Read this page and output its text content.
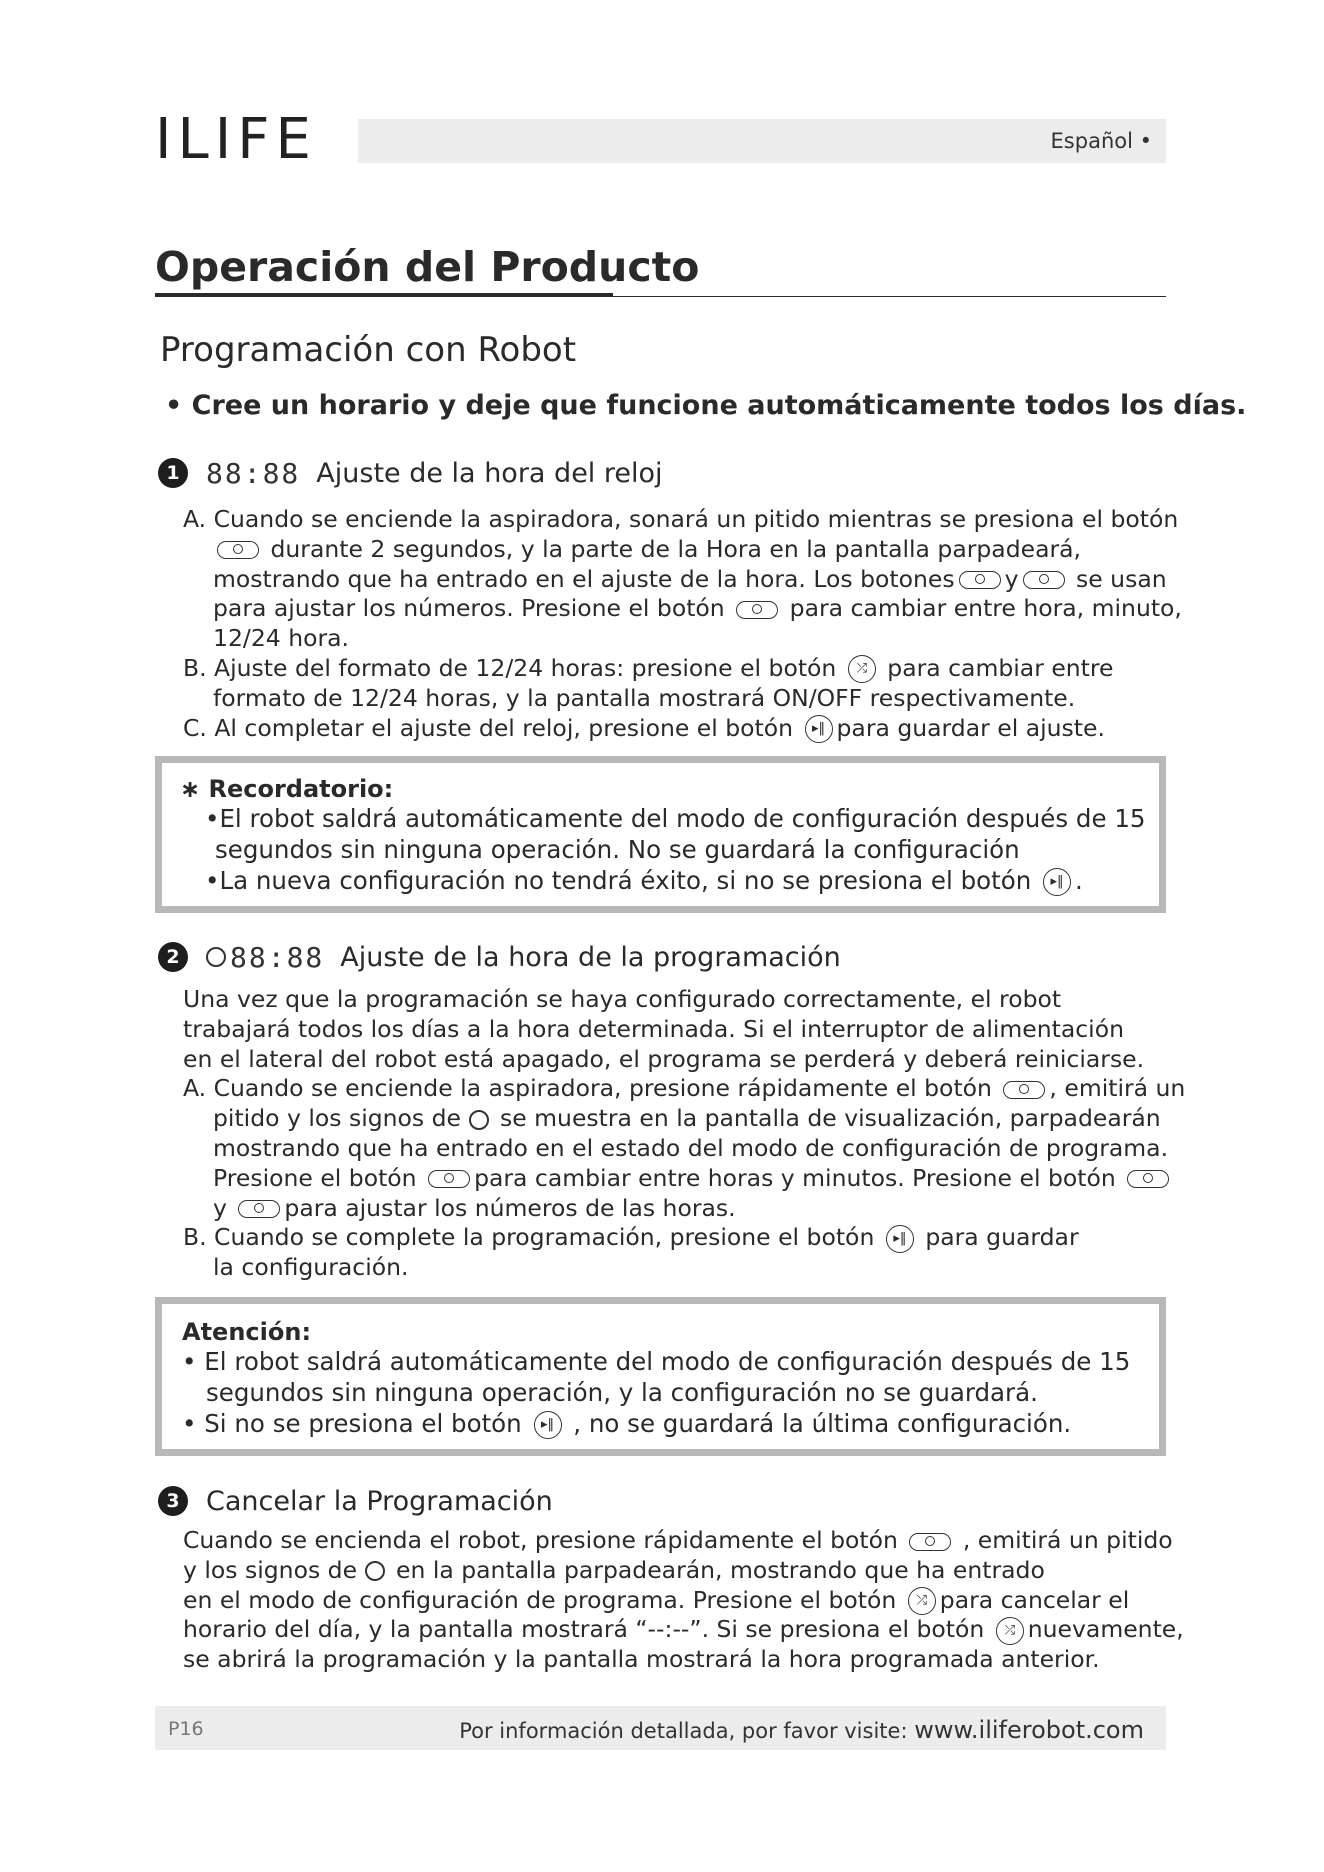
ILIFE	Español •
Operación del Producto
Programación con Robot
• Cree un horario y deje que funcione automáticamente todos los días.
1 88:88 Ajuste de la hora del reloj

A. Cuando se enciende la aspiradora, sonará un pitido mientras se presiona el botón

durante 2 segundos, y la parte de la Hora en la pantalla parpadeará,

mostrando que ha entrado en el ajuste de la hora. Los botones y se usan

para ajustar los números. Presione el botón	para cambiar entre hora, minuto,

12/24 hora.

B. Ajuste del formato de 12/24 horas: presione el botón ⤮ para cambiar entre

formato de 12/24 horas, y la pantalla mostrará ON/OFF respectivamente.

C. Al completar el ajuste del reloj, presione el botón ▸‖ para guardar el ajuste.

∗ Recordatorio:

•El robot saldrá automáticamente del modo de configuración después de 15

segundos sin ninguna operación. No se guardará la configuración

•La nueva configuración no tendrá éxito, si no se presiona el botón ▸‖ .

2 88:88 Ajuste de la hora de la programación

Una vez que la programación se haya configurado correctamente, el robot

trabajará todos los días a la hora determinada. Si el interruptor de alimentación

en el lateral del robot está apagado, el programa se perderá y deberá reiniciarse.

A. Cuando se enciende la aspiradora, presione rápidamente el botón , emitirá un

pitido y los signos de se muestra en la pantalla de visualización, parpadearán

mostrando que ha entrado en el estado del modo de configuración de programa.

Presione el botón para cambiar entre horas y minutos. Presione el botón

y para ajustar los números de las horas.

B. Cuando se complete la programación, presione el botón ▸‖ para guardar

la configuración.

Atención:

• El robot saldrá automáticamente del modo de configuración después de 15

segundos sin ninguna operación, y la configuración no se guardará.

• Si no se presiona el botón ▸‖ , no se guardará la última configuración.

3 Cancelar la Programación

Cuando se encienda el robot, presione rápidamente el botón	, emitirá un pitido

y los signos de en la pantalla parpadearán, mostrando que ha entrado

en el modo de configuración de programa. Presione el botón ⤮ para cancelar el

horario del día, y la pantalla mostrará “--:--”. Si se presiona el botón ⤮ nuevamente,

se abrirá la programación y la pantalla mostrará la hora programada anterior.

P16	Por información detallada, por favor visite: www.iliferobot.com
